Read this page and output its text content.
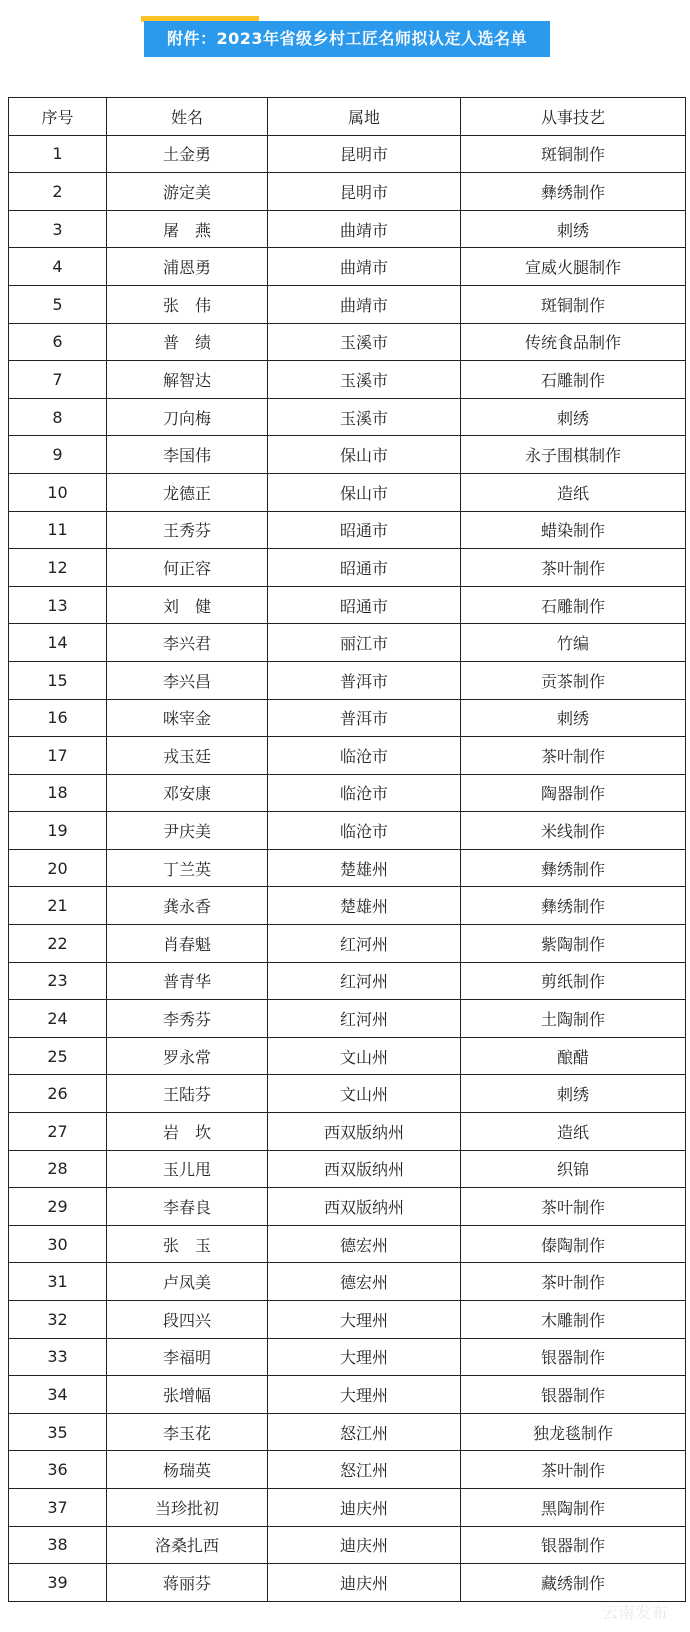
附件：2023年省级乡村工匠名师拟认定人选名单
序号	姓名	属地	从事技艺
1	土金勇	昆明市	斑铜制作
2	游定美	昆明市	彝绣制作
3	屠　燕	曲靖市	刺绣
4	浦恩勇	曲靖市	宣威火腿制作
5	张　伟	曲靖市	斑铜制作
6	普　绩	玉溪市	传统食品制作
7	解智达	玉溪市	石雕制作
8	刀向梅	玉溪市	刺绣
9	李国伟	保山市	永子围棋制作
10	龙德正	保山市	造纸
11	王秀芬	昭通市	蜡染制作
12	何正容	昭通市	茶叶制作
13	刘　健	昭通市	石雕制作
14	李兴君	丽江市	竹编
15	李兴昌	普洱市	贡茶制作
16	咪宰金	普洱市	刺绣
17	戎玉廷	临沧市	茶叶制作
18	邓安康	临沧市	陶器制作
19	尹庆美	临沧市	米线制作
20	丁兰英	楚雄州	彝绣制作
21	龚永香	楚雄州	彝绣制作
22	肖春魁	红河州	紫陶制作
23	普青华	红河州	剪纸制作
24	李秀芬	红河州	土陶制作
25	罗永常	文山州	酿醋
26	王陆芬	文山州	刺绣
27	岩　坎	西双版纳州	造纸
28	玉儿甩	西双版纳州	织锦
29	李春良	西双版纳州	茶叶制作
30	张　玉	德宏州	傣陶制作
31	卢凤美	德宏州	茶叶制作
32	段四兴	大理州	木雕制作
33	李福明	大理州	银器制作
34	张增幅	大理州	银器制作
35	李玉花	怒江州	独龙毯制作
36	杨瑞英	怒江州	茶叶制作
37	当珍批初	迪庆州	黑陶制作
38	洛桑扎西	迪庆州	银器制作
39	蒋丽芬	迪庆州	藏绣制作
云南发布
